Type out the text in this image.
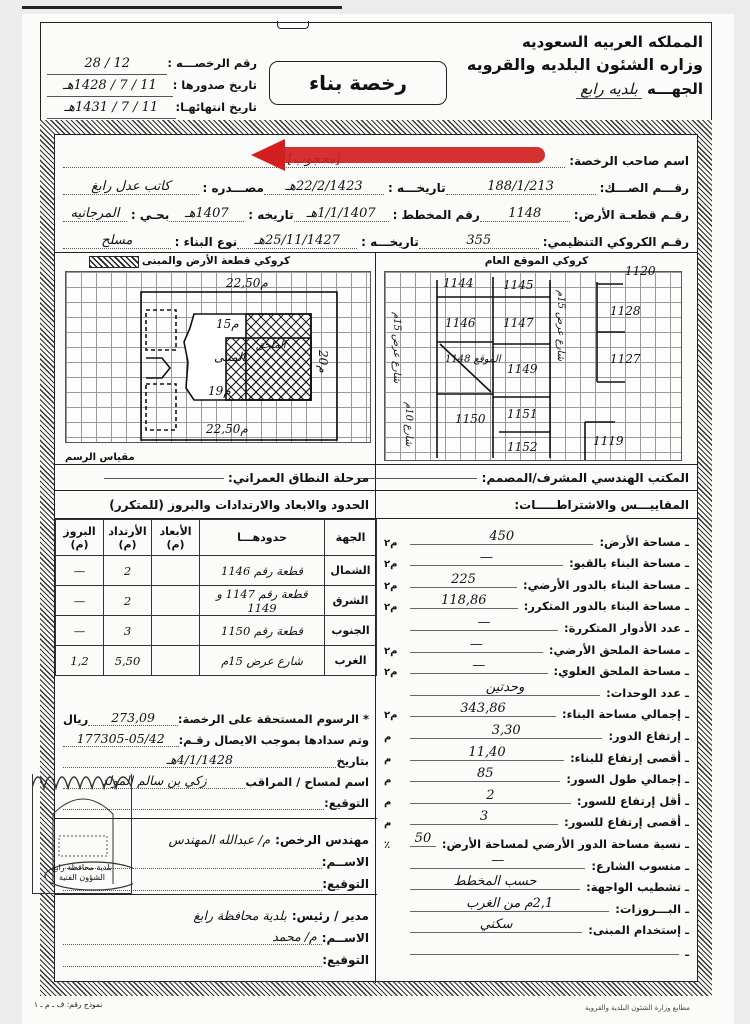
المملكه العربيه السعوديه
وزاره الشئون البلديه والقرويه
الجهـــه بلديه رابع
رخصة بناء
رقم الرخصـــه :
12 / 28
تاريخ صدورها :
11 / 7 / 1428هـ
تاريخ انتهائهـا:
11 / 7 / 1431هـ
اسم صاحب الرخصة:
رقـــم الصـــك:
188/1/213
تاريخـــه :
22/2/1423هـ
مصـــدره :
كاتب عدل رابغ
رقـم قطعـة الأرض:
1148
رقم المخطط :
1/1/1407هـ
تاريخه :
1407هـ
بحـي :
المرجانيه
رقـم الكروكي التنظيمي:
355
تاريخـــه :
25/11/1427هـ
نوع البناء :
مسلح
كروكي الموقع العام
1144 1145
1146 1147
1148 الموقع
1149
1150 1151
1152
1120
1128
1127
1119
شارع عرض 15م
شارع عرض 15م
شارع 10م
كروكي قطعة الأرض والمبنى
22,50م
22,50م
15م
19م
20م
المبنى
الملحق
مقياس الرسم
المكتب الهندسي المشرف/المصمم:
مرحلة النطاق العمراني:
المقاييـــس والاشتراطـــــات:
الحدود والابعاد والارتدادات والبروز (للمتكرر)
ـ مساحة الأرض:
450
م٢
ـ مساحة البناء بالقبو:
—
م٢
ـ مساحة البناء بالدور الأرضي:
225
م٢
ـ مساحة البناء بالدور المتكرر:
118,86
م٢
ـ عدد الأدوار المتكررة:
—
ـ مساحة الملحق الأرضي:
—
م٢
ـ مساحة الملحق العلوي:
—
م٢
ـ عدد الوحدات:
وحدتين
ـ إجمالي مساحة البناء:
343,86
م٢
ـ إرتفاع الدور:
3,30
م
ـ أقصى إرتفاع للبناء:
11,40
م
ـ إجمالي طول السور:
85
م
ـ أقل إرتفاع للسور:
2
م
ـ أقصى إرتفاع للسور:
3
م
ـ نسبة مساحة الدور الأرضي لمساحة الأرض:
50
٪
ـ منسوب الشارع:
—
ـ تشطيب الواجهة:
حسب المخطط
ـ البـــروزات:
2,1م من الغرب
ـ إستخدام المبنى:
سكني
ـ
الجهة	حدودهـــا	الأبعاد (م)	الأرتداد (م)	البروز (م)
الشمال	قطعة رقم 1146		2	—
الشرق	قطعة رقم 1147 و 1149		2	—
الجنوب	قطعة رقم 1150		3	—
الغرب	شارع عرض 15م		5,50	1,2
* الرسوم المستحقة على الرخصة:
273,09
ريال
وتم سدادها بموجب الايصال رقـم:
177305-05/42
بتاريخ
4/1/1428هـ
اسم لمساح / المراقب
زكي بن سالم المولد
التوقيع:
مهندس الرخص:
م/ عبدالله المهندس
الاســم:
التوقيع:
مدير / رئيس:
بلدية محافظة رابغ
الاســم:
م/ محمد
التوقيع:
بلدية محافظة رابغ
الشؤون الفنية
نموذج رقم: ف ـ م ـ ١	مطابع وزارة الشئون البلدية والقروية
